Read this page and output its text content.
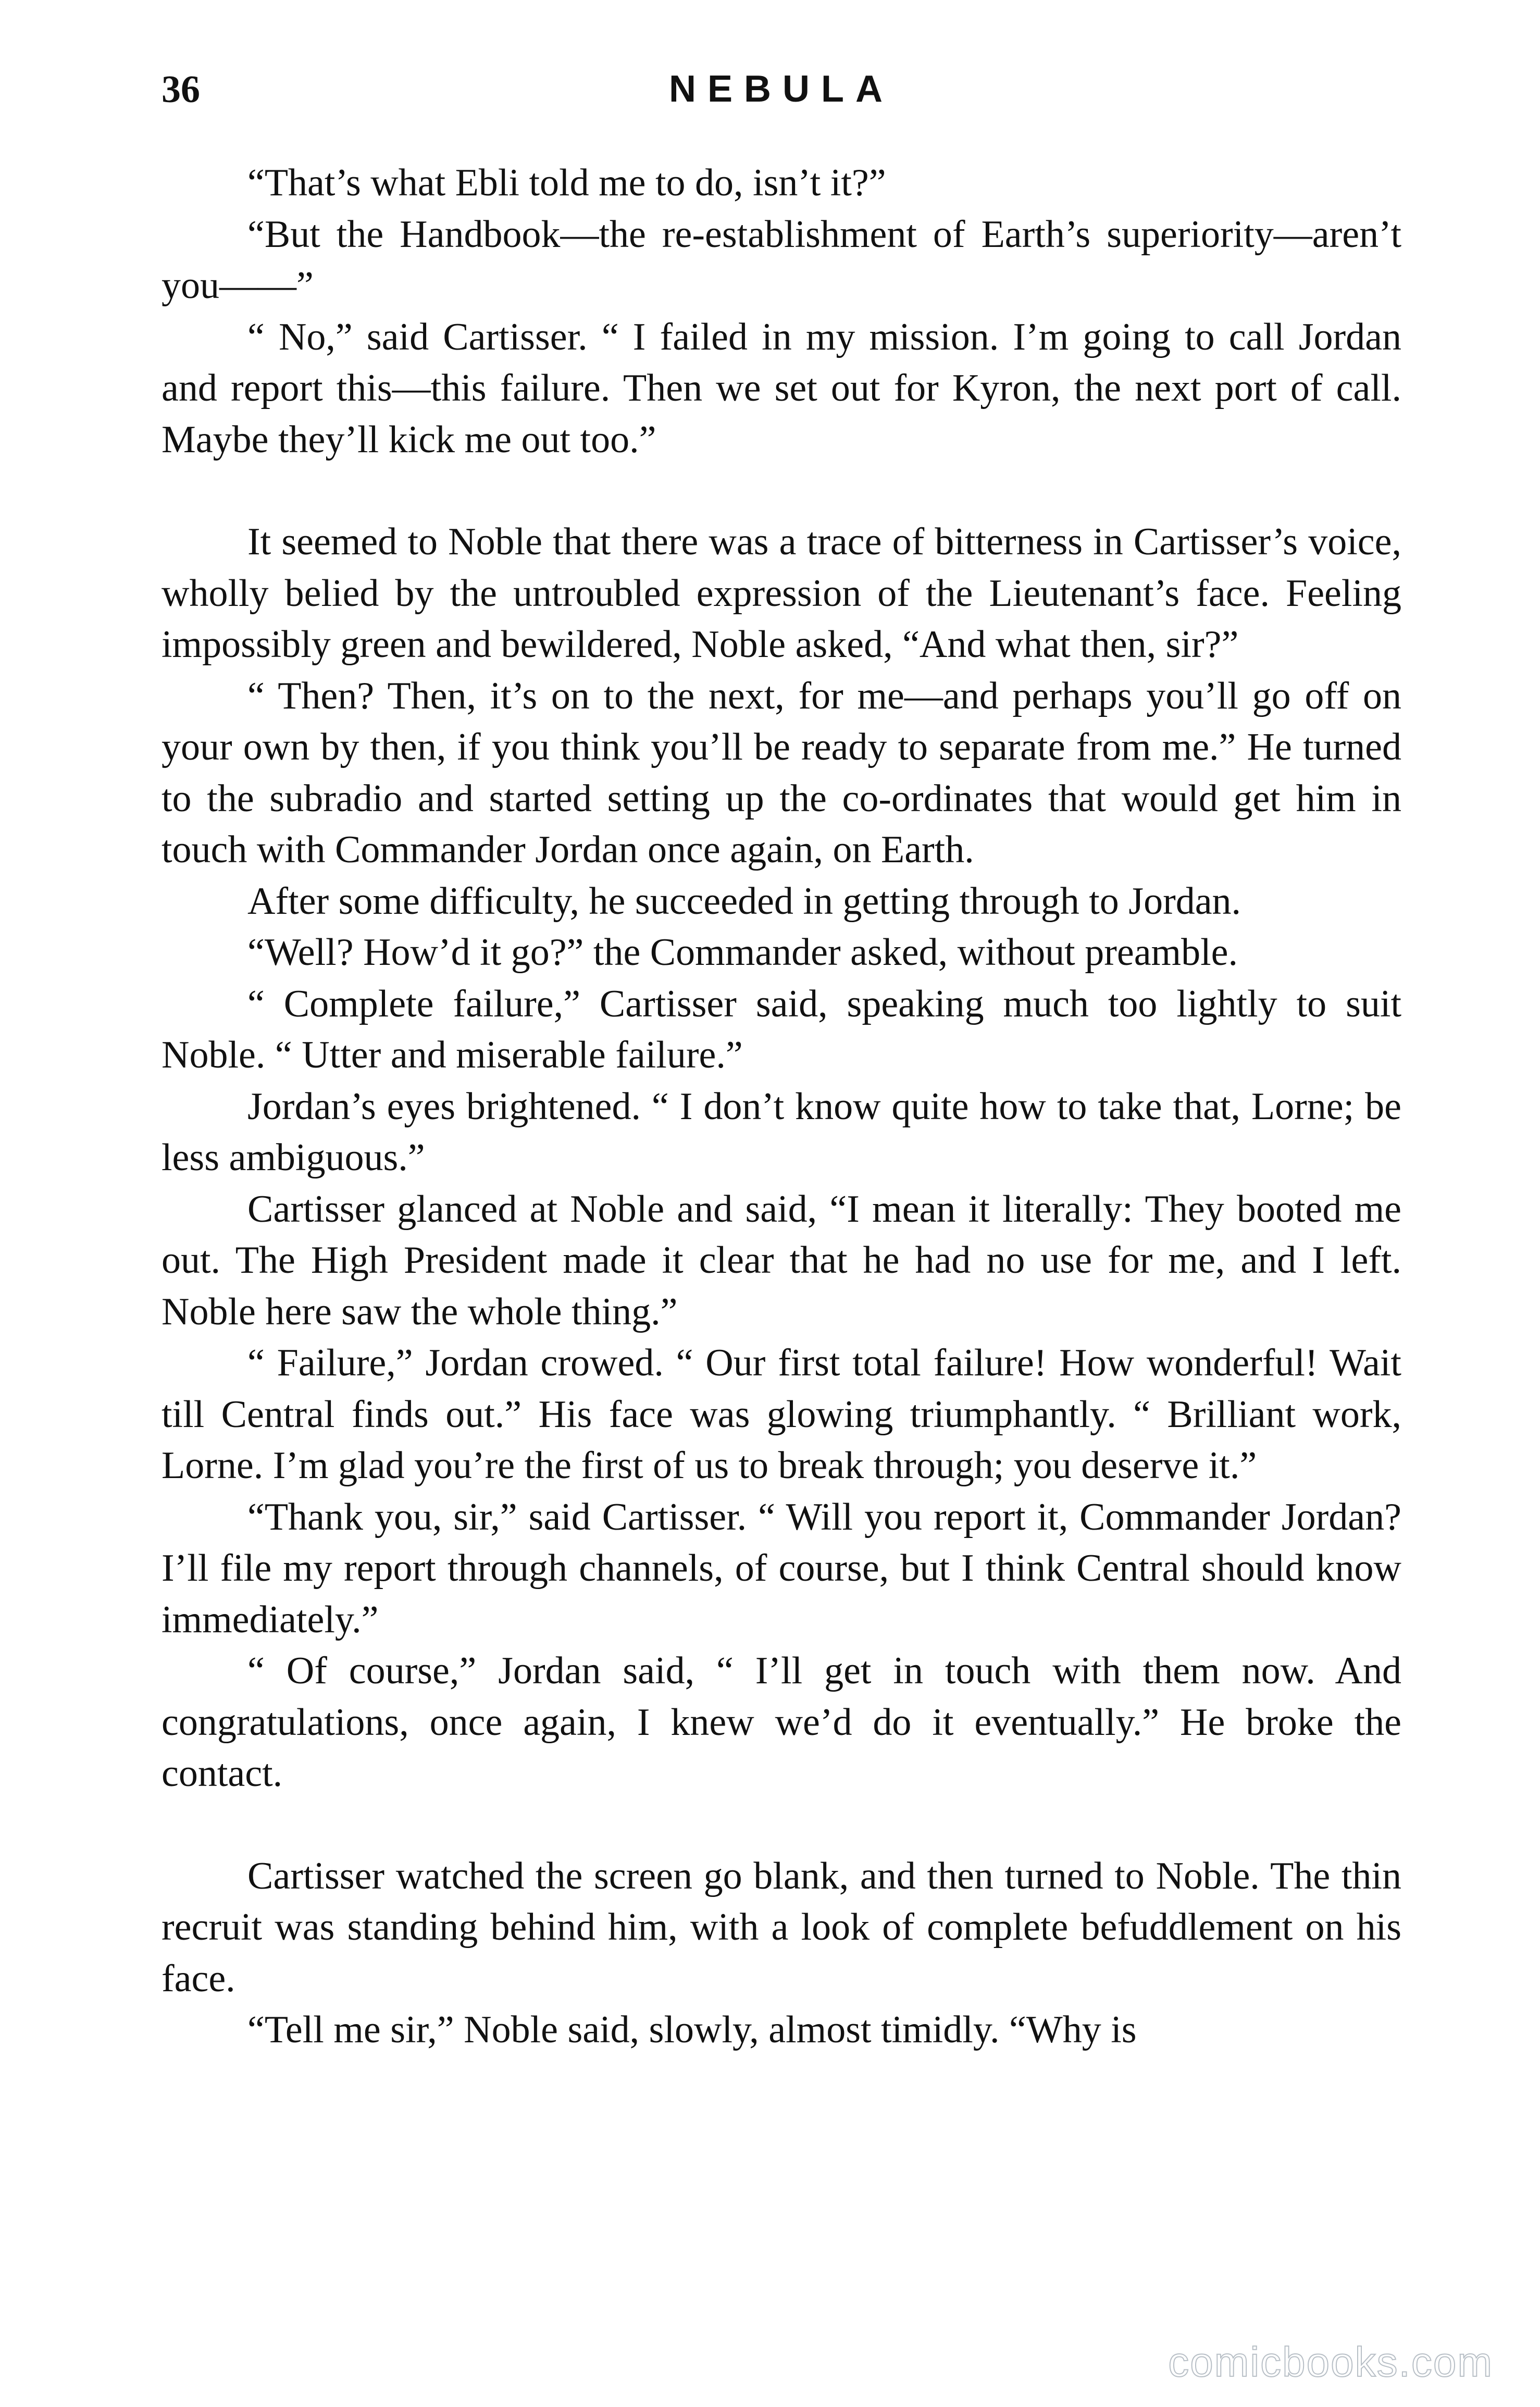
36	NEBULA

“That’s what Ebli told me to do, isn’t it?”

“But the Handbook—the re-establishment of Earth’s superiority—aren’t you——”

“ No,” said Cartisser. “ I failed in my mission. I’m going to call Jordan and report this—this failure. Then we set out for Kyron, the next port of call. Maybe they’ll kick me out too.”

It seemed to Noble that there was a trace of bitterness in Cartisser’s voice, wholly belied by the untroubled expression of the Lieutenant’s face. Feeling impossibly green and bewildered, Noble asked, “And what then, sir?”

“ Then? Then, it’s on to the next, for me—and perhaps you’ll go off on your own by then, if you think you’ll be ready to separate from me.” He turned to the subradio and started setting up the co-ordinates that would get him in touch with Commander Jordan once again, on Earth.

After some difficulty, he succeeded in getting through to Jordan.

“Well? How’d it go?” the Commander asked, without preamble.

“ Complete failure,” Cartisser said, speaking much too lightly to suit Noble. “ Utter and miserable failure.”

Jordan’s eyes brightened. “ I don’t know quite how to take that, Lorne; be less ambiguous.”

Cartisser glanced at Noble and said, “I mean it literally: They booted me out. The High President made it clear that he had no use for me, and I left. Noble here saw the whole thing.”

“ Failure,” Jordan crowed. “ Our first total failure! How wonderful! Wait till Central finds out.” His face was glowing triumphantly. “ Brilliant work, Lorne. I’m glad you’re the first of us to break through; you deserve it.”

“Thank you, sir,” said Cartisser. “ Will you report it, Commander Jordan? I’ll file my report through channels, of course, but I think Central should know immediately.”

“ Of course,” Jordan said, “ I’ll get in touch with them now. And congratulations, once again, I knew we’d do it eventually.” He broke the contact.

Cartisser watched the screen go blank, and then turned to Noble. The thin recruit was standing behind him, with a look of complete befuddlement on his face.

“Tell me sir,” Noble said, slowly, almost timidly. “Why is

comicbooks.com
